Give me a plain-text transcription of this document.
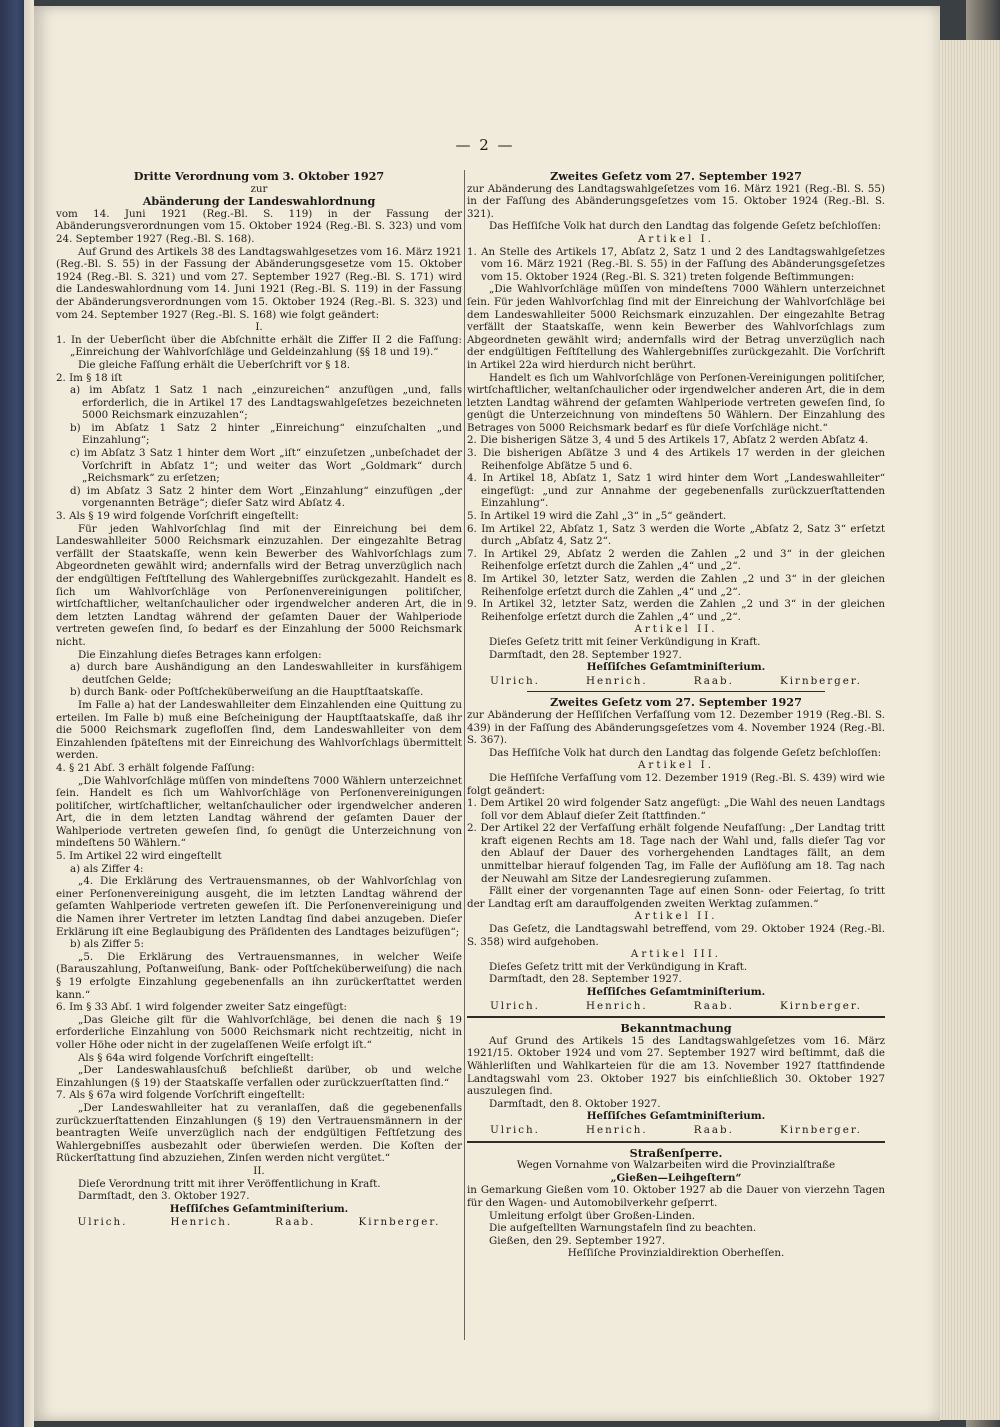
— 2 —

Dritte Verordnung vom 3. Oktober 1927

zur

Abänderung der Landeswahlordnung

vom 14. Juni 1921 (Reg.-Bl. S. 119) in der Fassung der Abänderungsverordnungen vom 15. Oktober 1924 (Reg.-Bl. S. 323) und vom 24. September 1927 (Reg.-Bl. S. 168).

Auf Grund des Artikels 38 des Landtagswahlgesetzes vom 16. März 1921 (Reg.-Bl. S. 55) in der Fassung der Abänderungsgesetze vom 15. Oktober 1924 (Reg.-Bl. S. 321) und vom 27. September 1927 (Reg.-Bl. S. 171) wird die Landeswahlordnung vom 14. Juni 1921 (Reg.-Bl. S. 119) in der Fassung der Abänderungsverordnungen vom 15. Oktober 1924 (Reg.-Bl. S. 323) und vom 24. September 1927 (Reg.-Bl. S. 168) wie folgt geändert:

I.

1. In der Ueberſicht über die Abſchnitte erhält die Ziffer II 2 die Faſſung: „Einreichung der Wahlvorſchläge und Geldeinzahlung (§§ 18 und 19).“

Die gleiche Faſſung erhält die Ueberſchrift vor § 18.

2. Im § 18 iſt

a) im Abſatz 1 Satz 1 nach „einzureichen“ anzufügen „und, falls erforderlich, die in Artikel 17 des Landtagswahlgeſetzes bezeichneten 5000 Reichsmark einzuzahlen“;

b) im Abſatz 1 Satz 2 hinter „Einreichung“ einzuſchalten „und Einzahlung“;

c) im Abſatz 3 Satz 1 hinter dem Wort „iſt“ einzuſetzen „unbeſchadet der Vorſchrift in Abſatz 1“; und weiter das Wort „Goldmark“ durch „Reichsmark“ zu erſetzen;

d) im Abſatz 3 Satz 2 hinter dem Wort „Einzahlung“ einzufügen „der vorgenannten Beträge“; dieſer Satz wird Abſatz 4.

3. Als § 19 wird folgende Vorſchrift eingeſtellt:

Für jeden Wahlvorſchlag ſind mit der Einreichung bei dem Landeswahlleiter 5000 Reichsmark einzuzahlen. Der eingezahlte Betrag verfällt der Staatskaſſe, wenn kein Bewerber des Wahlvorſchlags zum Abgeordneten gewählt wird; andernfalls wird der Betrag unverzüglich nach der endgültigen Feſtſtellung des Wahlergebniſſes zurückgezahlt. Handelt es ſich um Wahlvorſchläge von Perſonenvereinigungen politiſcher, wirtſchaftlicher, weltanſchaulicher oder irgendwelcher anderen Art, die in dem letzten Landtag während der geſamten Dauer der Wahlperiode vertreten geweſen ſind, ſo bedarf es der Einzahlung der 5000 Reichsmark nicht.

Die Einzahlung dieſes Betrages kann erfolgen:

a) durch bare Aushändigung an den Landeswahlleiter in kursfähigem deutſchen Gelde;

b) durch Bank- oder Poſtſcheküberweiſung an die Hauptſtaatskaſſe.

Im Falle a) hat der Landeswahlleiter dem Einzahlenden eine Quittung zu erteilen. Im Falle b) muß eine Beſcheinigung der Hauptſtaatskaſſe, daß ihr die 5000 Reichsmark zugefloſſen ſind, dem Landeswahlleiter von dem Einzahlenden ſpäteſtens mit der Einreichung des Wahlvorſchlags übermittelt werden.

4. § 21 Abſ. 3 erhält folgende Faſſung:

„Die Wahlvorſchläge müſſen von mindeſtens 7000 Wählern unterzeichnet ſein. Handelt es ſich um Wahlvorſchläge von Perſonenvereinigungen politiſcher, wirtſchaftlicher, weltanſchaulicher oder irgendwelcher anderen Art, die in dem letzten Landtag während der geſamten Dauer der Wahlperiode vertreten geweſen ſind, ſo genügt die Unterzeichnung von mindeſtens 50 Wählern.“

5. Im Artikel 22 wird eingeſtellt

a) als Ziffer 4:

„4. Die Erklärung des Vertrauensmannes, ob der Wahlvorſchlag von einer Perſonenvereinigung ausgeht, die im letzten Landtag während der geſamten Wahlperiode vertreten geweſen iſt. Die Perſonenvereinigung und die Namen ihrer Vertreter im letzten Landtag ſind dabei anzugeben. Dieſer Erklärung iſt eine Beglaubigung des Präſidenten des Landtages beizufügen“;

b) als Ziffer 5:

„5. Die Erklärung des Vertrauensmannes, in welcher Weiſe (Barauszahlung, Poſtanweiſung, Bank- oder Poſtſcheküberweiſung) die nach § 19 erfolgte Einzahlung gegebenenfalls an ihn zurückerſtattet werden kann.“

6. Im § 33 Abſ. 1 wird folgender zweiter Satz eingefügt:

„Das Gleiche gilt für die Wahlvorſchläge, bei denen die nach § 19 erforderliche Einzahlung von 5000 Reichsmark nicht rechtzeitig, nicht in voller Höhe oder nicht in der zugelaſſenen Weiſe erfolgt iſt.“

Als § 64a wird folgende Vorſchrift eingeſtellt:

„Der Landeswahlausſchuß beſchließt darüber, ob und welche Einzahlungen (§ 19) der Staatskaſſe verfallen oder zurückzuerſtatten ſind.“

7. Als § 67a wird folgende Vorſchrift eingeſtellt:

„Der Landeswahlleiter hat zu veranlaſſen, daß die gegebenenfalls zurückzuerſtattenden Einzahlungen (§ 19) den Vertrauensmännern in der beantragten Weiſe unverzüglich nach der endgültigen Feſtſetzung des Wahlergebniſſes ausbezahlt oder überwieſen werden. Die Koſten der Rückerſtattung ſind abzuziehen, Zinſen werden nicht vergütet.“

II.

Dieſe Verordnung tritt mit ihrer Veröffentlichung in Kraft.

Darmſtadt, den 3. Oktober 1927.

Heſſiſches Geſamtminiſterium.

Ulrich.	Henrich.	Raab.	Kirnberger.

Zweites Geſetz vom 27. September 1927

zur Abänderung des Landtagswahlgeſetzes vom 16. März 1921 (Reg.-Bl. S. 55) in der Faſſung des Abänderungsgeſetzes vom 15. Oktober 1924 (Reg.-Bl. S. 321).

Das Heſſiſche Volk hat durch den Landtag das folgende Geſetz beſchloſſen:

Artikel I.

1. An Stelle des Artikels 17, Abſatz 2, Satz 1 und 2 des Landtagswahlgeſetzes vom 16. März 1921 (Reg.-Bl. S. 55) in der Faſſung des Abänderungsgeſetzes vom 15. Oktober 1924 (Reg.-Bl. S. 321) treten folgende Beſtimmungen:

„Die Wahlvorſchläge müſſen von mindeſtens 7000 Wählern unterzeichnet ſein. Für jeden Wahlvorſchlag ſind mit der Einreichung der Wahlvorſchläge bei dem Landeswahlleiter 5000 Reichsmark einzuzahlen. Der eingezahlte Betrag verfällt der Staatskaſſe, wenn kein Bewerber des Wahlvorſchlags zum Abgeordneten gewählt wird; andernfalls wird der Betrag unverzüglich nach der endgültigen Feſtſtellung des Wahlergebniſſes zurückgezahlt. Die Vorſchrift in Artikel 22a wird hierdurch nicht berührt.

Handelt es ſich um Wahlvorſchläge von Perſonen-Vereinigungen politiſcher, wirtſchaftlicher, weltanſchaulicher oder irgendwelcher anderen Art, die in dem letzten Landtag während der geſamten Wahlperiode vertreten geweſen ſind, ſo genügt die Unterzeichnung von mindeſtens 50 Wählern. Der Einzahlung des Betrages von 5000 Reichsmark bedarf es für dieſe Vorſchläge nicht.“

2. Die bisherigen Sätze 3, 4 und 5 des Artikels 17, Abſatz 2 werden Abſatz 4.

3. Die bisherigen Abſätze 3 und 4 des Artikels 17 werden in der gleichen Reihenfolge Abſätze 5 und 6.

4. In Artikel 18, Abſatz 1, Satz 1 wird hinter dem Wort „Landeswahlleiter“ eingefügt: „und zur Annahme der gegebenenfalls zurückzuerſtattenden Einzahlung“.

5. In Artikel 19 wird die Zahl „3“ in „5“ geändert.

6. Im Artikel 22, Abſatz 1, Satz 3 werden die Worte „Abſatz 2, Satz 3“ erſetzt durch „Abſatz 4, Satz 2“.

7. In Artikel 29, Abſatz 2 werden die Zahlen „2 und 3“ in der gleichen Reihenfolge erſetzt durch die Zahlen „4“ und „2“.

8. Im Artikel 30, letzter Satz, werden die Zahlen „2 und 3“ in der gleichen Reihenfolge erſetzt durch die Zahlen „4“ und „2“.

9. In Artikel 32, letzter Satz, werden die Zahlen „2 und 3“ in der gleichen Reihenfolge erſetzt durch die Zahlen „4“ und „2“.

Artikel II.

Dieſes Geſetz tritt mit ſeiner Verkündigung in Kraft.

Darmſtadt, den 28. September 1927.

Heſſiſches Geſamtminiſterium.

Ulrich.	Henrich.	Raab.	Kirnberger.

Zweites Geſetz vom 27. September 1927

zur Abänderung der Heſſiſchen Verfaſſung vom 12. Dezember 1919 (Reg.-Bl. S. 439) in der Faſſung des Abänderungsgeſetzes vom 4. November 1924 (Reg.-Bl. S. 367).

Das Heſſiſche Volk hat durch den Landtag das folgende Geſetz beſchloſſen:

Artikel I.

Die Heſſiſche Verfaſſung vom 12. Dezember 1919 (Reg.-Bl. S. 439) wird wie folgt geändert:

1. Dem Artikel 20 wird folgender Satz angefügt: „Die Wahl des neuen Landtags ſoll vor dem Ablauf dieſer Zeit ſtattfinden.“

2. Der Artikel 22 der Verfaſſung erhält folgende Neufaſſung: „Der Landtag tritt kraft eigenen Rechts am 18. Tage nach der Wahl und, falls dieſer Tag vor den Ablauf der Dauer des vorhergehenden Landtages fällt, an dem unmittelbar hierauf folgenden Tag, im Falle der Auflöſung am 18. Tag nach der Neuwahl am Sitze der Landesregierung zuſammen.

Fällt einer der vorgenannten Tage auf einen Sonn- oder Feiertag, ſo tritt der Landtag erſt am darauffolgenden zweiten Werktag zuſammen.“

Artikel II.

Das Geſetz, die Landtagswahl betreffend, vom 29. Oktober 1924 (Reg.-Bl. S. 358) wird aufgehoben.

Artikel III.

Dieſes Geſetz tritt mit der Verkündigung in Kraft.

Darmſtadt, den 28. September 1927.

Heſſiſches Geſamtminiſterium.

Ulrich.	Henrich.	Raab.	Kirnberger.

Bekanntmachung

Auf Grund des Artikels 15 des Landtagswahlgeſetzes vom 16. März 1921/15. Oktober 1924 und vom 27. September 1927 wird beſtimmt, daß die Wählerliſten und Wahlkarteien für die am 13. November 1927 ſtattfindende Landtagswahl vom 23. Oktober 1927 bis einſchließlich 30. Oktober 1927 auszulegen ſind.

Darmſtadt, den 8. Oktober 1927.

Heſſiſches Geſamtminiſterium.

Ulrich.	Henrich.	Raab.	Kirnberger.

Straßenſperre.

Wegen Vornahme von Walzarbeiten wird die Provinzialſtraße

„Gießen—Leihgeſtern“

in Gemarkung Gießen vom 10. Oktober 1927 ab die Dauer von vierzehn Tagen für den Wagen- und Automobilverkehr geſperrt.

Umleitung erfolgt über Großen-Linden.

Die aufgeſtellten Warnungstafeln ſind zu beachten.

Gießen, den 29. September 1927.

Heſſiſche Provinzialdirektion Oberheſſen.
